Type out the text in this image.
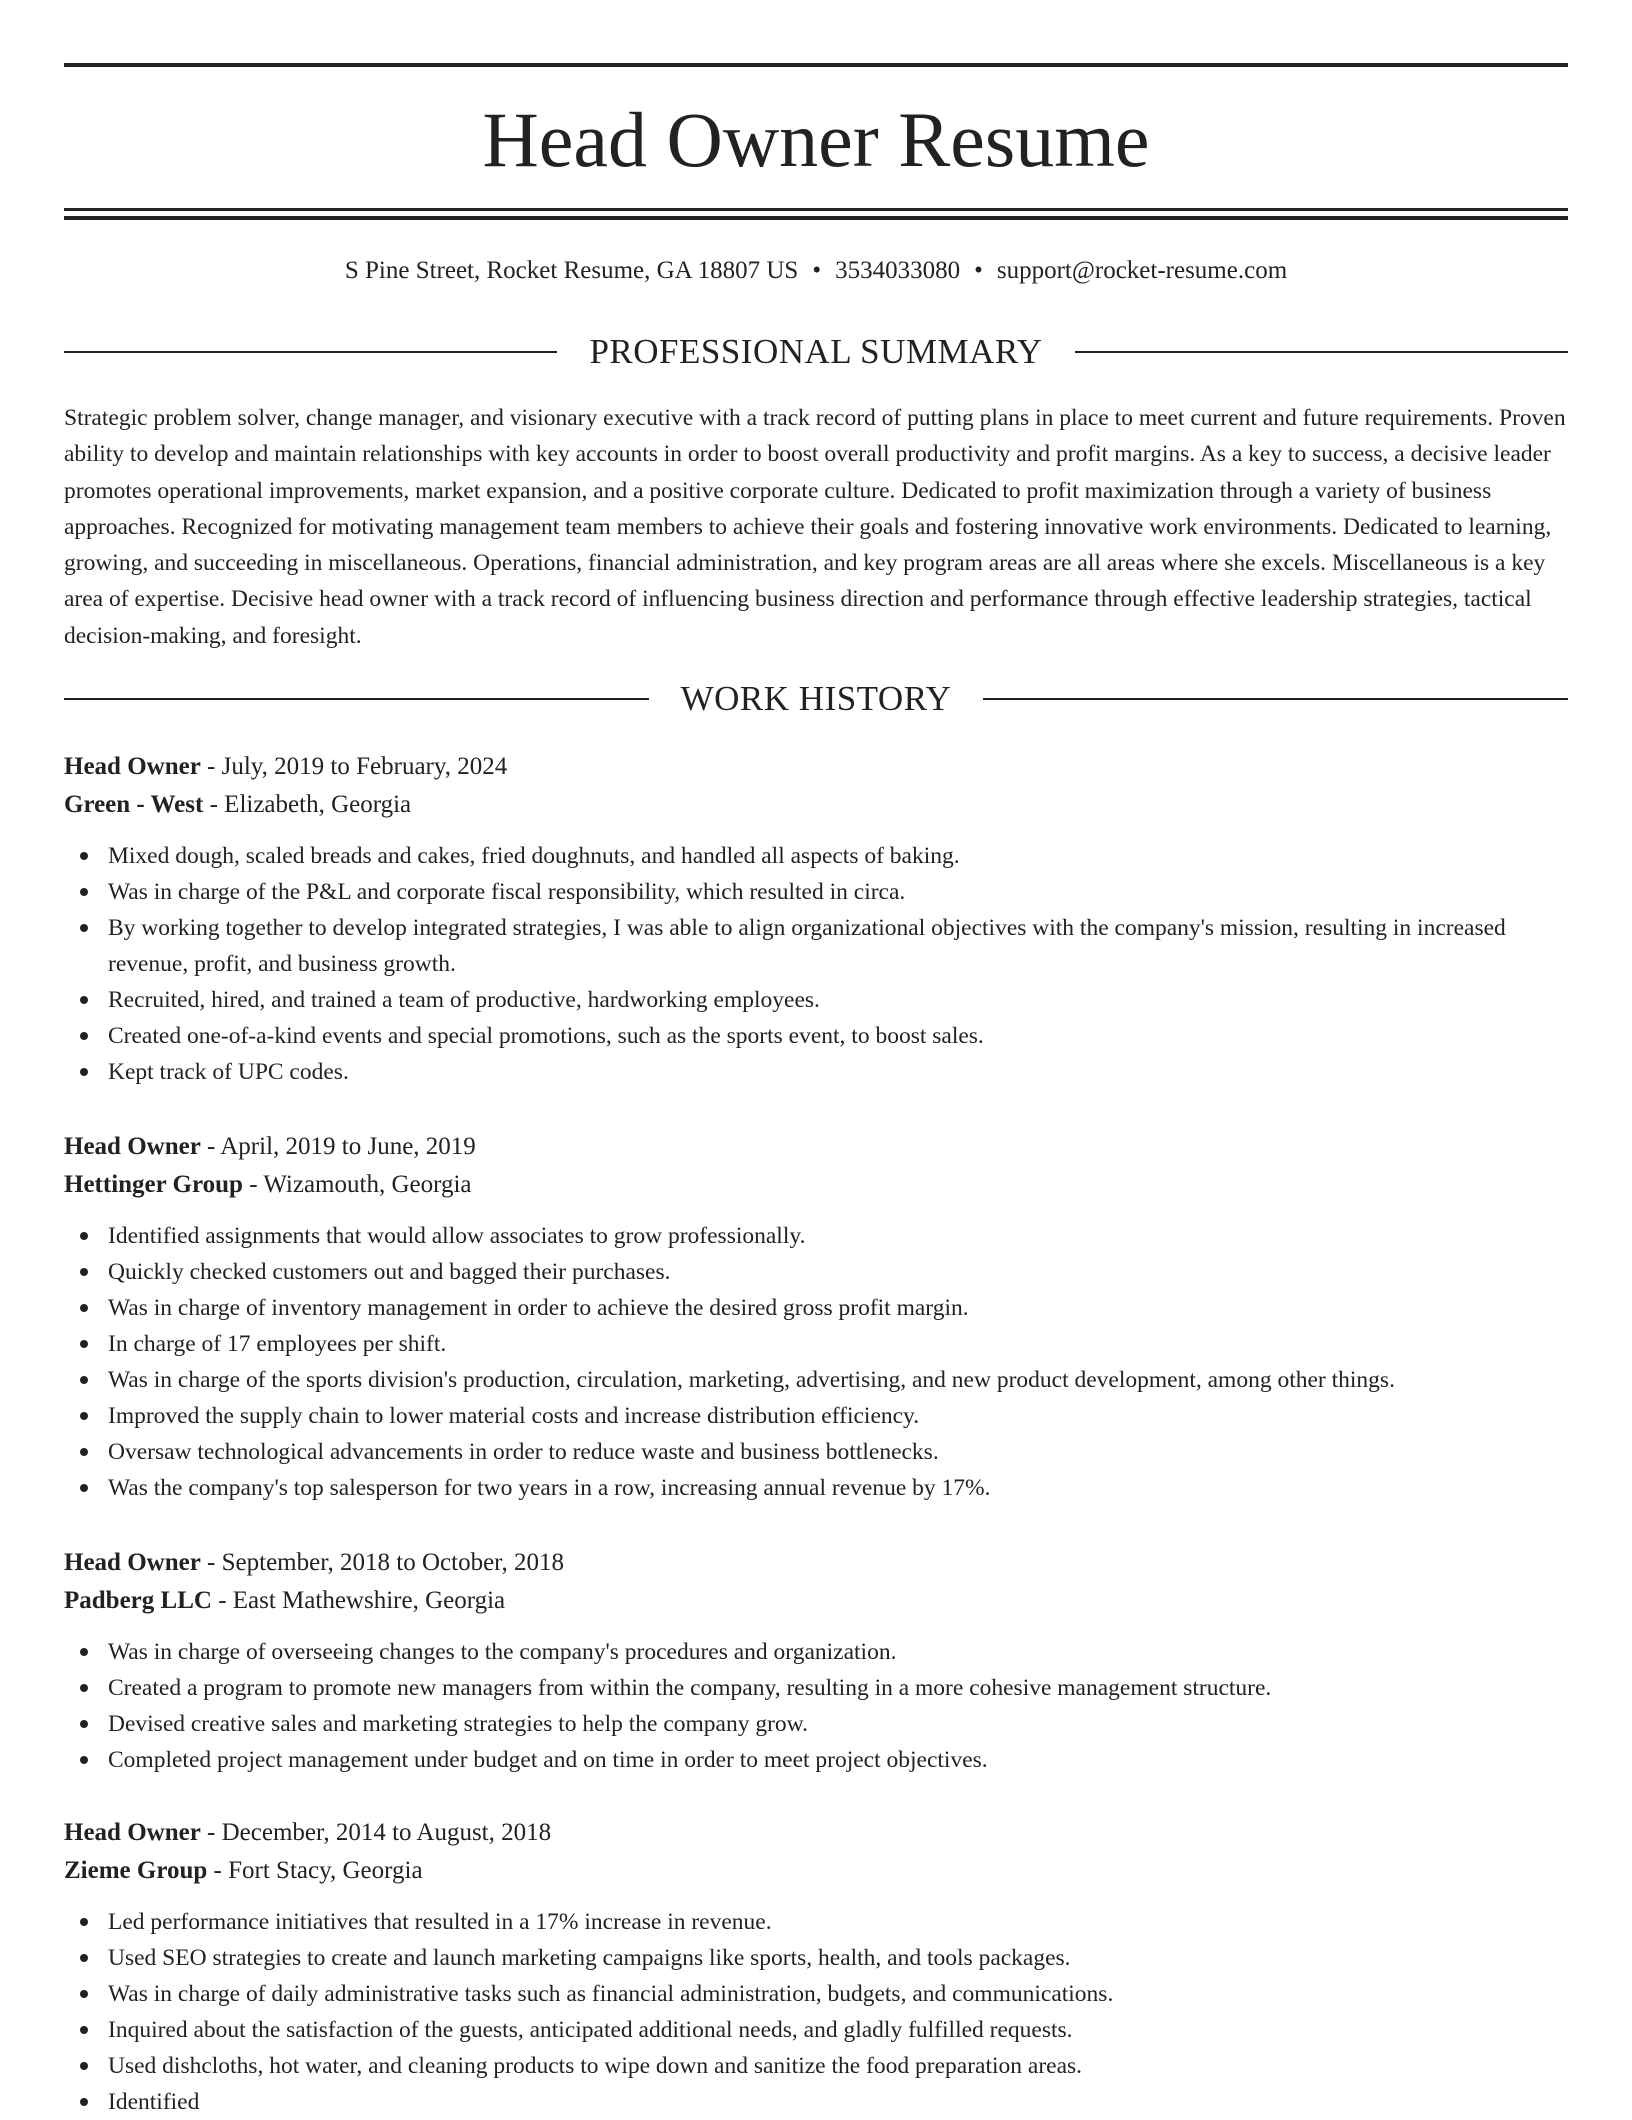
Head Owner Resume
S Pine Street, Rocket Resume, GA 18807 US • 3534033080 • support@rocket-resume.com
PROFESSIONAL SUMMARY

Strategic problem solver, change manager, and visionary executive with a track record of putting plans in place to meet current and future requirements. Proven ability to develop and maintain relationships with key accounts in order to boost overall productivity and profit margins. As a key to success, a decisive leader promotes operational improvements, market expansion, and a positive corporate culture. Dedicated to profit maximization through a variety of business approaches. Recognized for motivating management team members to achieve their goals and fostering innovative work environments. Dedicated to learning, growing, and succeeding in miscellaneous. Operations, financial administration, and key program areas are all areas where she excels. Miscellaneous is a key area of expertise. Decisive head owner with a track record of influencing business direction and performance through effective leadership strategies, tactical decision-making, and foresight.

WORK HISTORY
Head Owner - July, 2019 to February, 2024
Green - West - Elizabeth, Georgia
Mixed dough, scaled breads and cakes, fried doughnuts, and handled all aspects of baking.
Was in charge of the P&L and corporate fiscal responsibility, which resulted in circa.
By working together to develop integrated strategies, I was able to align organizational objectives with the company's mission, resulting in increased revenue, profit, and business growth.
Recruited, hired, and trained a team of productive, hardworking employees.
Created one-of-a-kind events and special promotions, such as the sports event, to boost sales.
Kept track of UPC codes.
Head Owner - April, 2019 to June, 2019
Hettinger Group - Wizamouth, Georgia
Identified assignments that would allow associates to grow professionally.
Quickly checked customers out and bagged their purchases.
Was in charge of inventory management in order to achieve the desired gross profit margin.
In charge of 17 employees per shift.
Was in charge of the sports division's production, circulation, marketing, advertising, and new product development, among other things.
Improved the supply chain to lower material costs and increase distribution efficiency.
Oversaw technological advancements in order to reduce waste and business bottlenecks.
Was the company's top salesperson for two years in a row, increasing annual revenue by 17%.
Head Owner - September, 2018 to October, 2018
Padberg LLC - East Mathewshire, Georgia
Was in charge of overseeing changes to the company's procedures and organization.
Created a program to promote new managers from within the company, resulting in a more cohesive management structure.
Devised creative sales and marketing strategies to help the company grow.
Completed project management under budget and on time in order to meet project objectives.
Head Owner - December, 2014 to August, 2018
Zieme Group - Fort Stacy, Georgia
Led performance initiatives that resulted in a 17% increase in revenue.
Used SEO strategies to create and launch marketing campaigns like sports, health, and tools packages.
Was in charge of daily administrative tasks such as financial administration, budgets, and communications.
Inquired about the satisfaction of the guests, anticipated additional needs, and gladly fulfilled requests.
Used dishcloths, hot water, and cleaning products to wipe down and sanitize the food preparation areas.
Identified
